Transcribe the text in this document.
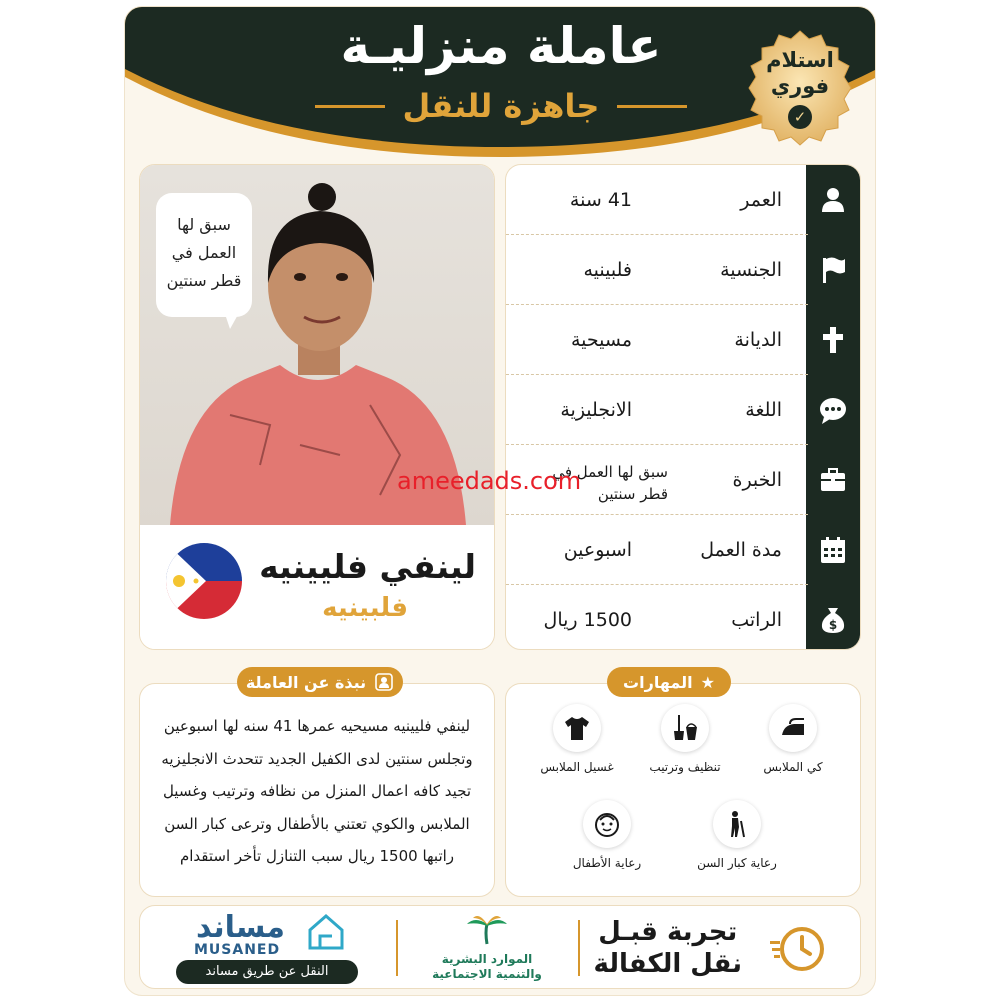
عاملة منزليـة
جاهزة للنقل
استلام فوري
✓
سبق لها العمل في قطر سنتين
لينفي فليينيه
فلبينيه
العمر
41 سنة
الجنسية
فلبينيه
الديانة
مسيحية
اللغة
الانجليزية
الخبرة
سبق لها العمل في قطر سنتين
مدة العمل
اسبوعين
الراتب
1500 ريال	$
ameedads.com
لينفي فليينيه مسيحيه عمرها 41 سنه لها اسبوعين وتجلس سنتين لدى الكفيل الجديد تتحدث الانجليزيه تجيد كافه اعمال المنزل من نظافه وترتيب وغسيل الملابس والكوي تعتني بالأطفال وترعى كبار السن راتبها 1500 ريال سبب التنازل تأخر استقدام
نبذة عن العاملة
كي الملابس
تنظيف وترتيب
غسيل الملابس
رعاية كبار السن
رعاية الأطفال
★
المهارات
تجربة قبـل
نقل الكفالة
الموارد البشرية
والتنمية الاجتماعية
مساند
MUSANED
النقل عن طريق مساند
